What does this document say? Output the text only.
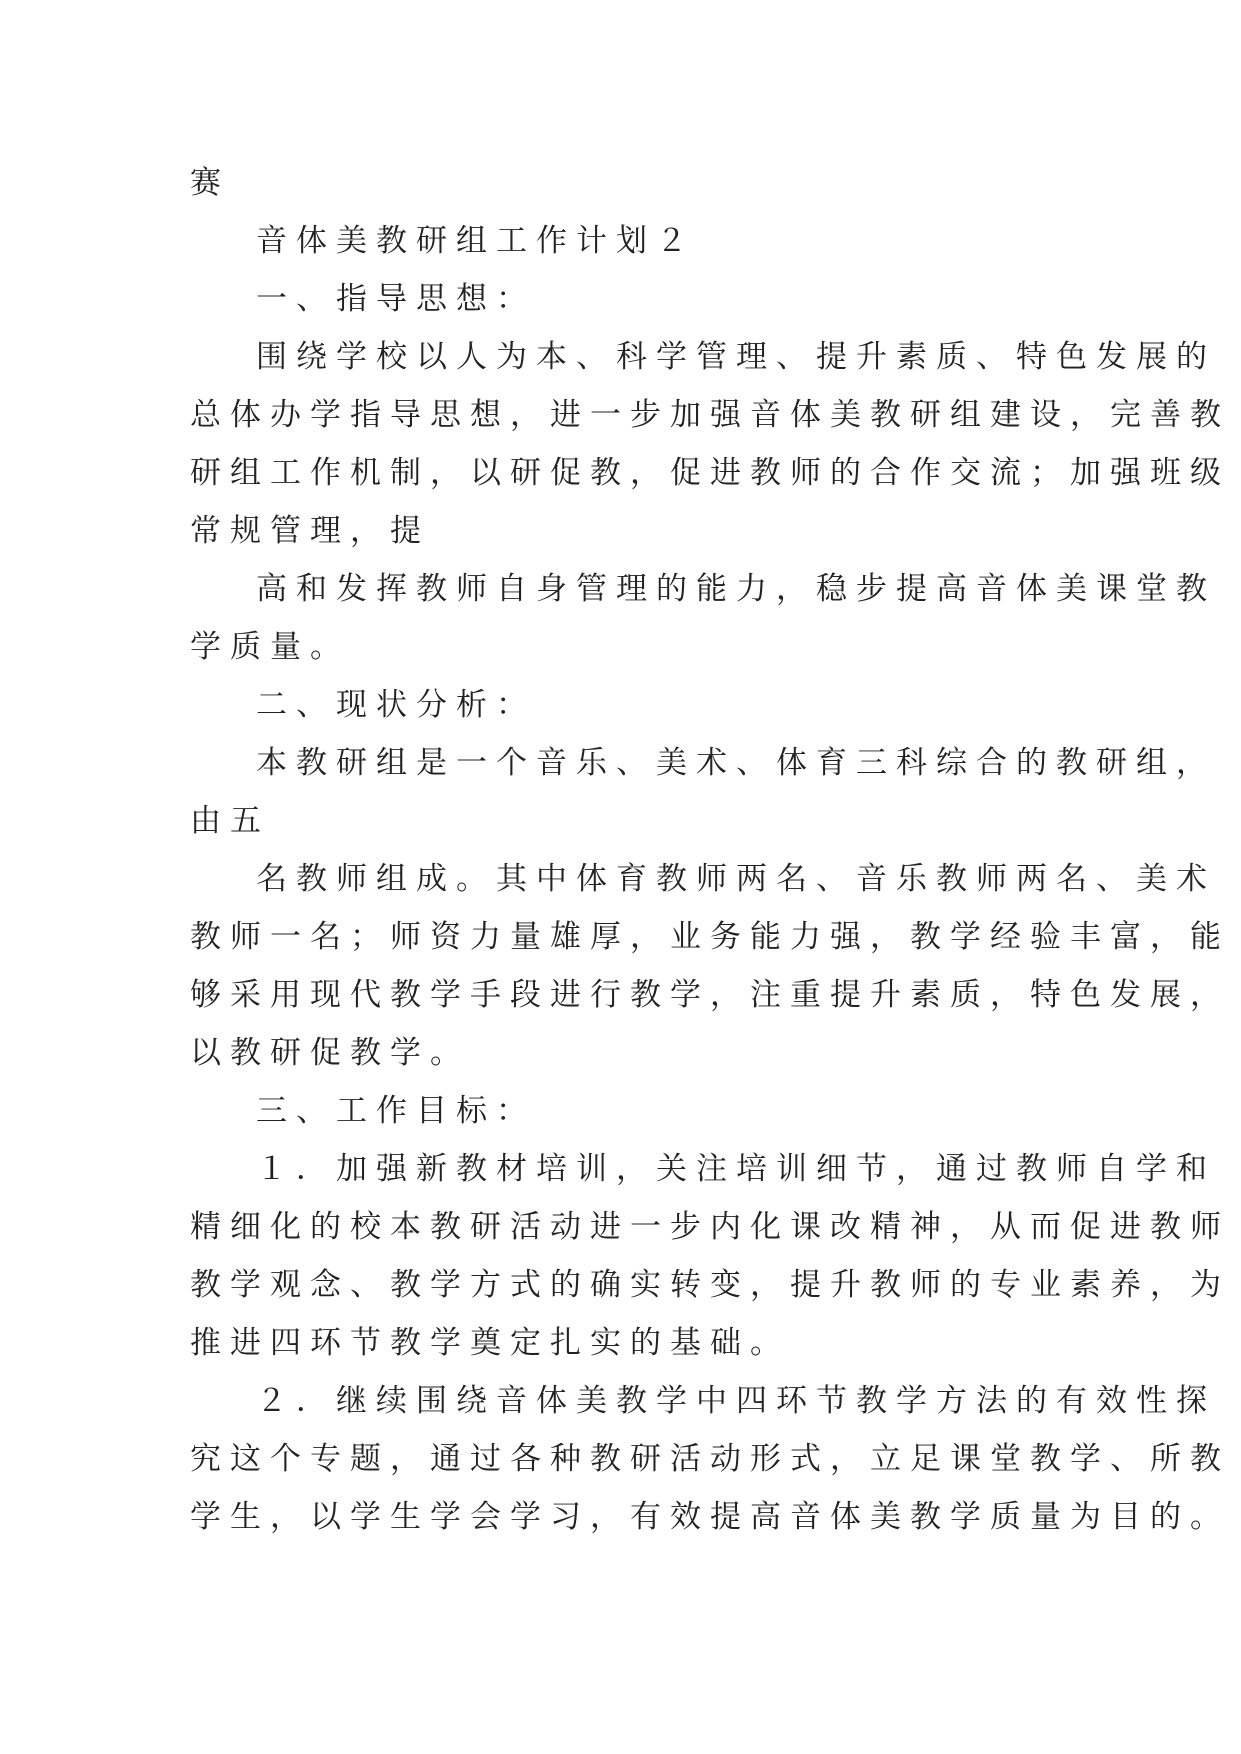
赛

音体美教研组工作计划２

一、指导思想：

围绕学校以人为本、科学管理、提升素质、特色发展的

总体办学指导思想，进一步加强音体美教研组建设，完善教

研组工作机制，以研促教，促进教师的合作交流；加强班级

常规管理，提

高和发挥教师自身管理的能力，稳步提高音体美课堂教

学质量。

二、现状分析：

本教研组是一个音乐、美术、体育三科综合的教研组，

由五

名教师组成。其中体育教师两名、音乐教师两名、美术

教师一名；师资力量雄厚，业务能力强，教学经验丰富，能

够采用现代教学手段进行教学，注重提升素质，特色发展，

以教研促教学。

三、工作目标：

１．加强新教材培训，关注培训细节，通过教师自学和

精细化的校本教研活动进一步内化课改精神，从而促进教师

教学观念、教学方式的确实转变，提升教师的专业素养，为

推进四环节教学奠定扎实的基础。

２．继续围绕音体美教学中四环节教学方法的有效性探

究这个专题，通过各种教研活动形式，立足课堂教学、所教

学生，以学生学会学习，有效提高音体美教学质量为目的。
